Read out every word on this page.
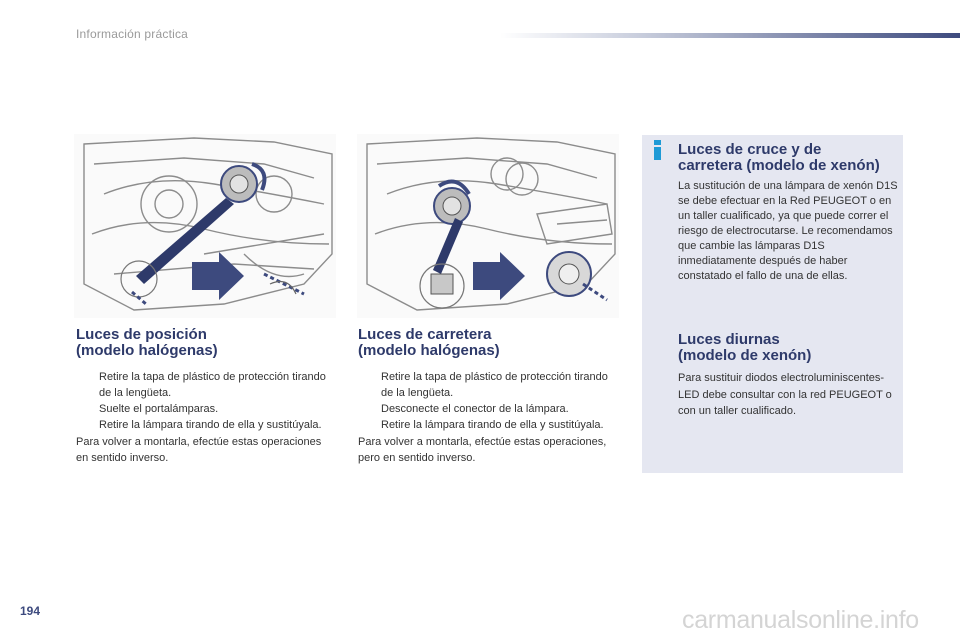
Información práctica
Luces de posición
(modelo halógenas)
Retire la tapa de plástico de protección tirando de la lengüeta.
Suelte el portalámparas.
Retire la lámpara tirando de ella y sustitúyala.

Para volver a montarla, efectúe estas operaciones en sentido inverso.

Luces de carretera
(modelo halógenas)
Retire la tapa de plástico de protección tirando de la lengüeta.
Desconecte el conector de la lámpara.
Retire la lámpara tirando de ella y sustitúyala.

Para volver a montarla, efectúe estas operaciones, pero en sentido inverso.

Luces de cruce y de
carretera (modelo de xenón)

La sustitución de una lámpara de xenón D1S se debe efectuar en la Red PEUGEOT o en un taller cualificado, ya que puede correr el riesgo de electrocutarse. Le recomendamos que cambie las lámparas D1S inmediatamente después de haber constatado el fallo de una de ellas.

Luces diurnas
(modelo de xenón)

Para sustituir diodos electroluminiscentes-LED debe consultar con la red PEUGEOT o con un taller cualificado.

194	carmanualsonline.info
